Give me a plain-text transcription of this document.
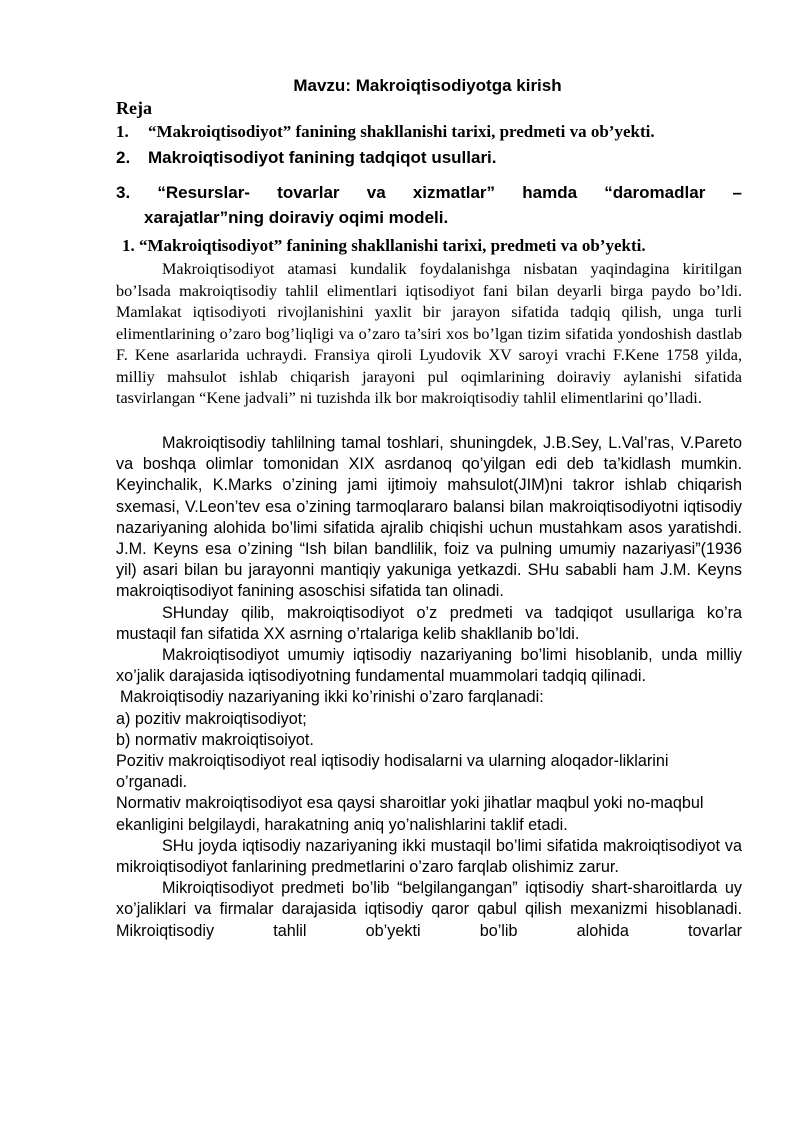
Mavzu: Makroiqtisodiyotga kirish
Reja
1. “Makroiqtisodiyot” fanining shakllanishi tarixi, predmeti va ob’yekti.
2. Makroiqtisodiyot fanining tadqiqot usullari.
3. “Resurslar- tovarlar va xizmatlar” hamda “daromadlar –
xarajatlar”ning doiraviy oqimi modeli.
1. “Makroiqtisodiyot” fanining shakllanishi tarixi, predmeti va ob’yekti.

Makroiqtisodiyot atamasi kundalik foydalanishga nisbatan yaqindagina kiritilgan bo’lsada makroiqtisodiy tahlil elimentlari iqtisodiyot fani bilan deyarli birga paydo bo’ldi. Mamlakat iqtisodiyoti rivojlanishini yaxlit bir jarayon sifatida tadqiq qilish, unga turli elimentlarining o’zaro bog’liqligi va o’zaro ta’siri xos bo’lgan tizim sifatida yondoshish dastlab F. Kene asarlarida uchraydi. Fransiya qiroli Lyudovik XV saroyi vrachi F.Kene 1758 yilda, milliy mahsulot ishlab chiqarish jarayoni pul oqimlarining doiraviy aylanishi sifatida tasvirlangan “Kene jadvali” ni tuzishda ilk bor makroiqtisodiy tahlil elimentlarini qo’lladi.

Makroiqtisodiy tahlilning tamal toshlari, shuningdek, J.B.Sey, L.Val’ras, V.Pareto va boshqa olimlar tomonidan XIX asrdanoq qo’yilgan edi deb ta’kidlash mumkin. Keyinchalik, K.Marks o’zining jami ijtimoiy mahsulot(JIM)ni takror ishlab chiqarish sxemasi, V.Leon’tev esa o’zining tarmoqlararo balansi bilan makroiqtisodiyotni iqtisodiy nazariyaning alohida bo’limi sifatida ajralib chiqishi uchun mustahkam asos yaratishdi. J.M. Keyns esa o’zining “Ish bilan bandlilik, foiz va pulning umumiy nazariyasi”(1936 yil) asari bilan bu jarayonni mantiqiy yakuniga yetkazdi. SHu sababli ham J.M. Keyns makroiqtisodiyot fanining asoschisi sifatida tan olinadi.

SHunday qilib, makroiqtisodiyot o’z predmeti va tadqiqot usullariga ko’ra mustaqil fan sifatida XX asrning o’rtalariga kelib shakllanib bo’ldi.

Makroiqtisodiyot umumiy iqtisodiy nazariyaning bo’limi hisoblanib, unda milliy xo’jalik darajasida iqtisodiyotning fundamental muammolari tadqiq qilinadi.

Makroiqtisodiy nazariyaning ikki ko’rinishi o’zaro farqlanadi:

a) pozitiv makroiqtisodiyot;

b) normativ makroiqtisoiyot.

Pozitiv makroiqtisodiyot real iqtisodiy hodisalarni va ularning aloqador-liklarini o’rganadi.

Normativ makroiqtisodiyot esa qaysi sharoitlar yoki jihatlar maqbul yoki no-maqbul ekanligini belgilaydi, harakatning aniq yo’nalishlarini taklif etadi.

SHu joyda iqtisodiy nazariyaning ikki mustaqil bo’limi sifatida makroiqtisodiyot va mikroiqtisodiyot fanlarining predmetlarini o’zaro farqlab olishimiz zarur.

Mikroiqtisodiyot predmeti bo’lib “belgilangangan” iqtisodiy shart-sharoitlarda uy xo’jaliklari va firmalar darajasida iqtisodiy qaror qabul qilish mexanizmi hisoblanadi. Mikroiqtisodiy tahlil ob’yekti bo’lib alohida tovarlar
